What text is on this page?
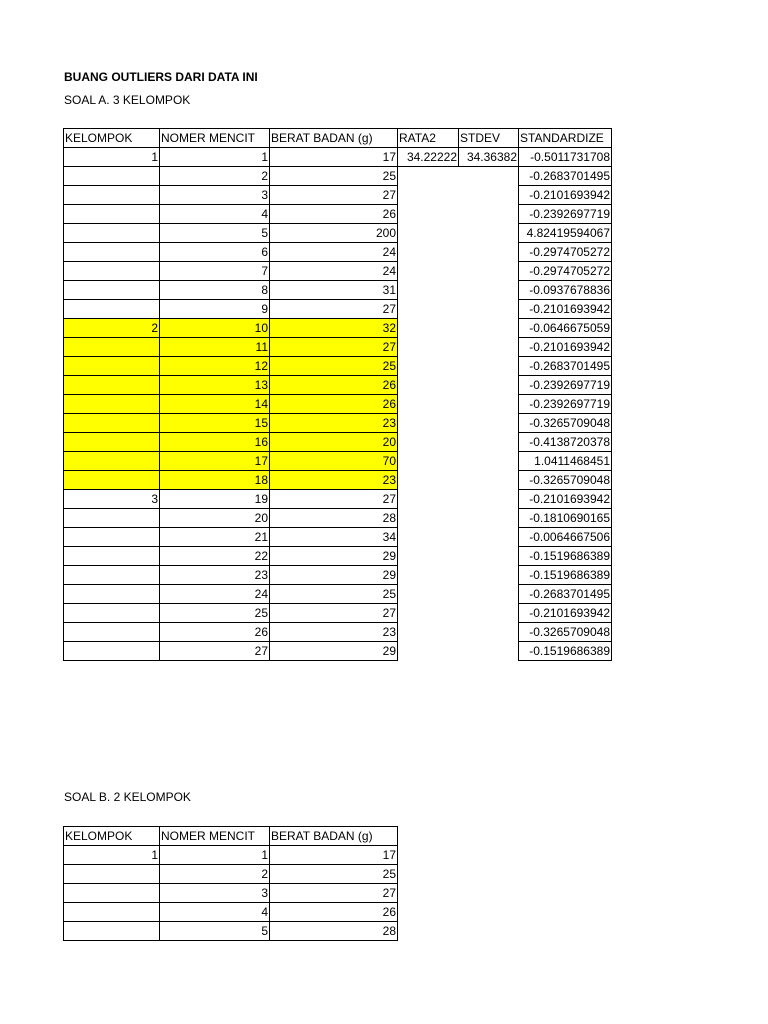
BUANG OUTLIERS DARI DATA INI
SOAL A. 3 KELOMPOK
KELOMPOK	NOMER MENCIT	BERAT BADAN (g)	RATA2	STDEV	STANDARDIZE
1	1	17	34.22222	34.36382	-0.5011731708
	2	25			-0.2683701495
	3	27			-0.2101693942
	4	26			-0.2392697719
	5	200			4.82419594067
	6	24			-0.2974705272
	7	24			-0.2974705272
	8	31			-0.0937678836
	9	27			-0.2101693942
2	10	32			-0.0646675059
	11	27			-0.2101693942
	12	25			-0.2683701495
	13	26			-0.2392697719
	14	26			-0.2392697719
	15	23			-0.3265709048
	16	20			-0.4138720378
	17	70			1.0411468451
	18	23			-0.3265709048
3	19	27			-0.2101693942
	20	28			-0.1810690165
	21	34			-0.0064667506
	22	29			-0.1519686389
	23	29			-0.1519686389
	24	25			-0.2683701495
	25	27			-0.2101693942
	26	23			-0.3265709048
	27	29			-0.1519686389
SOAL B. 2 KELOMPOK
KELOMPOK	NOMER MENCIT	BERAT BADAN (g)
1	1	17
	2	25
	3	27
	4	26
	5	28
